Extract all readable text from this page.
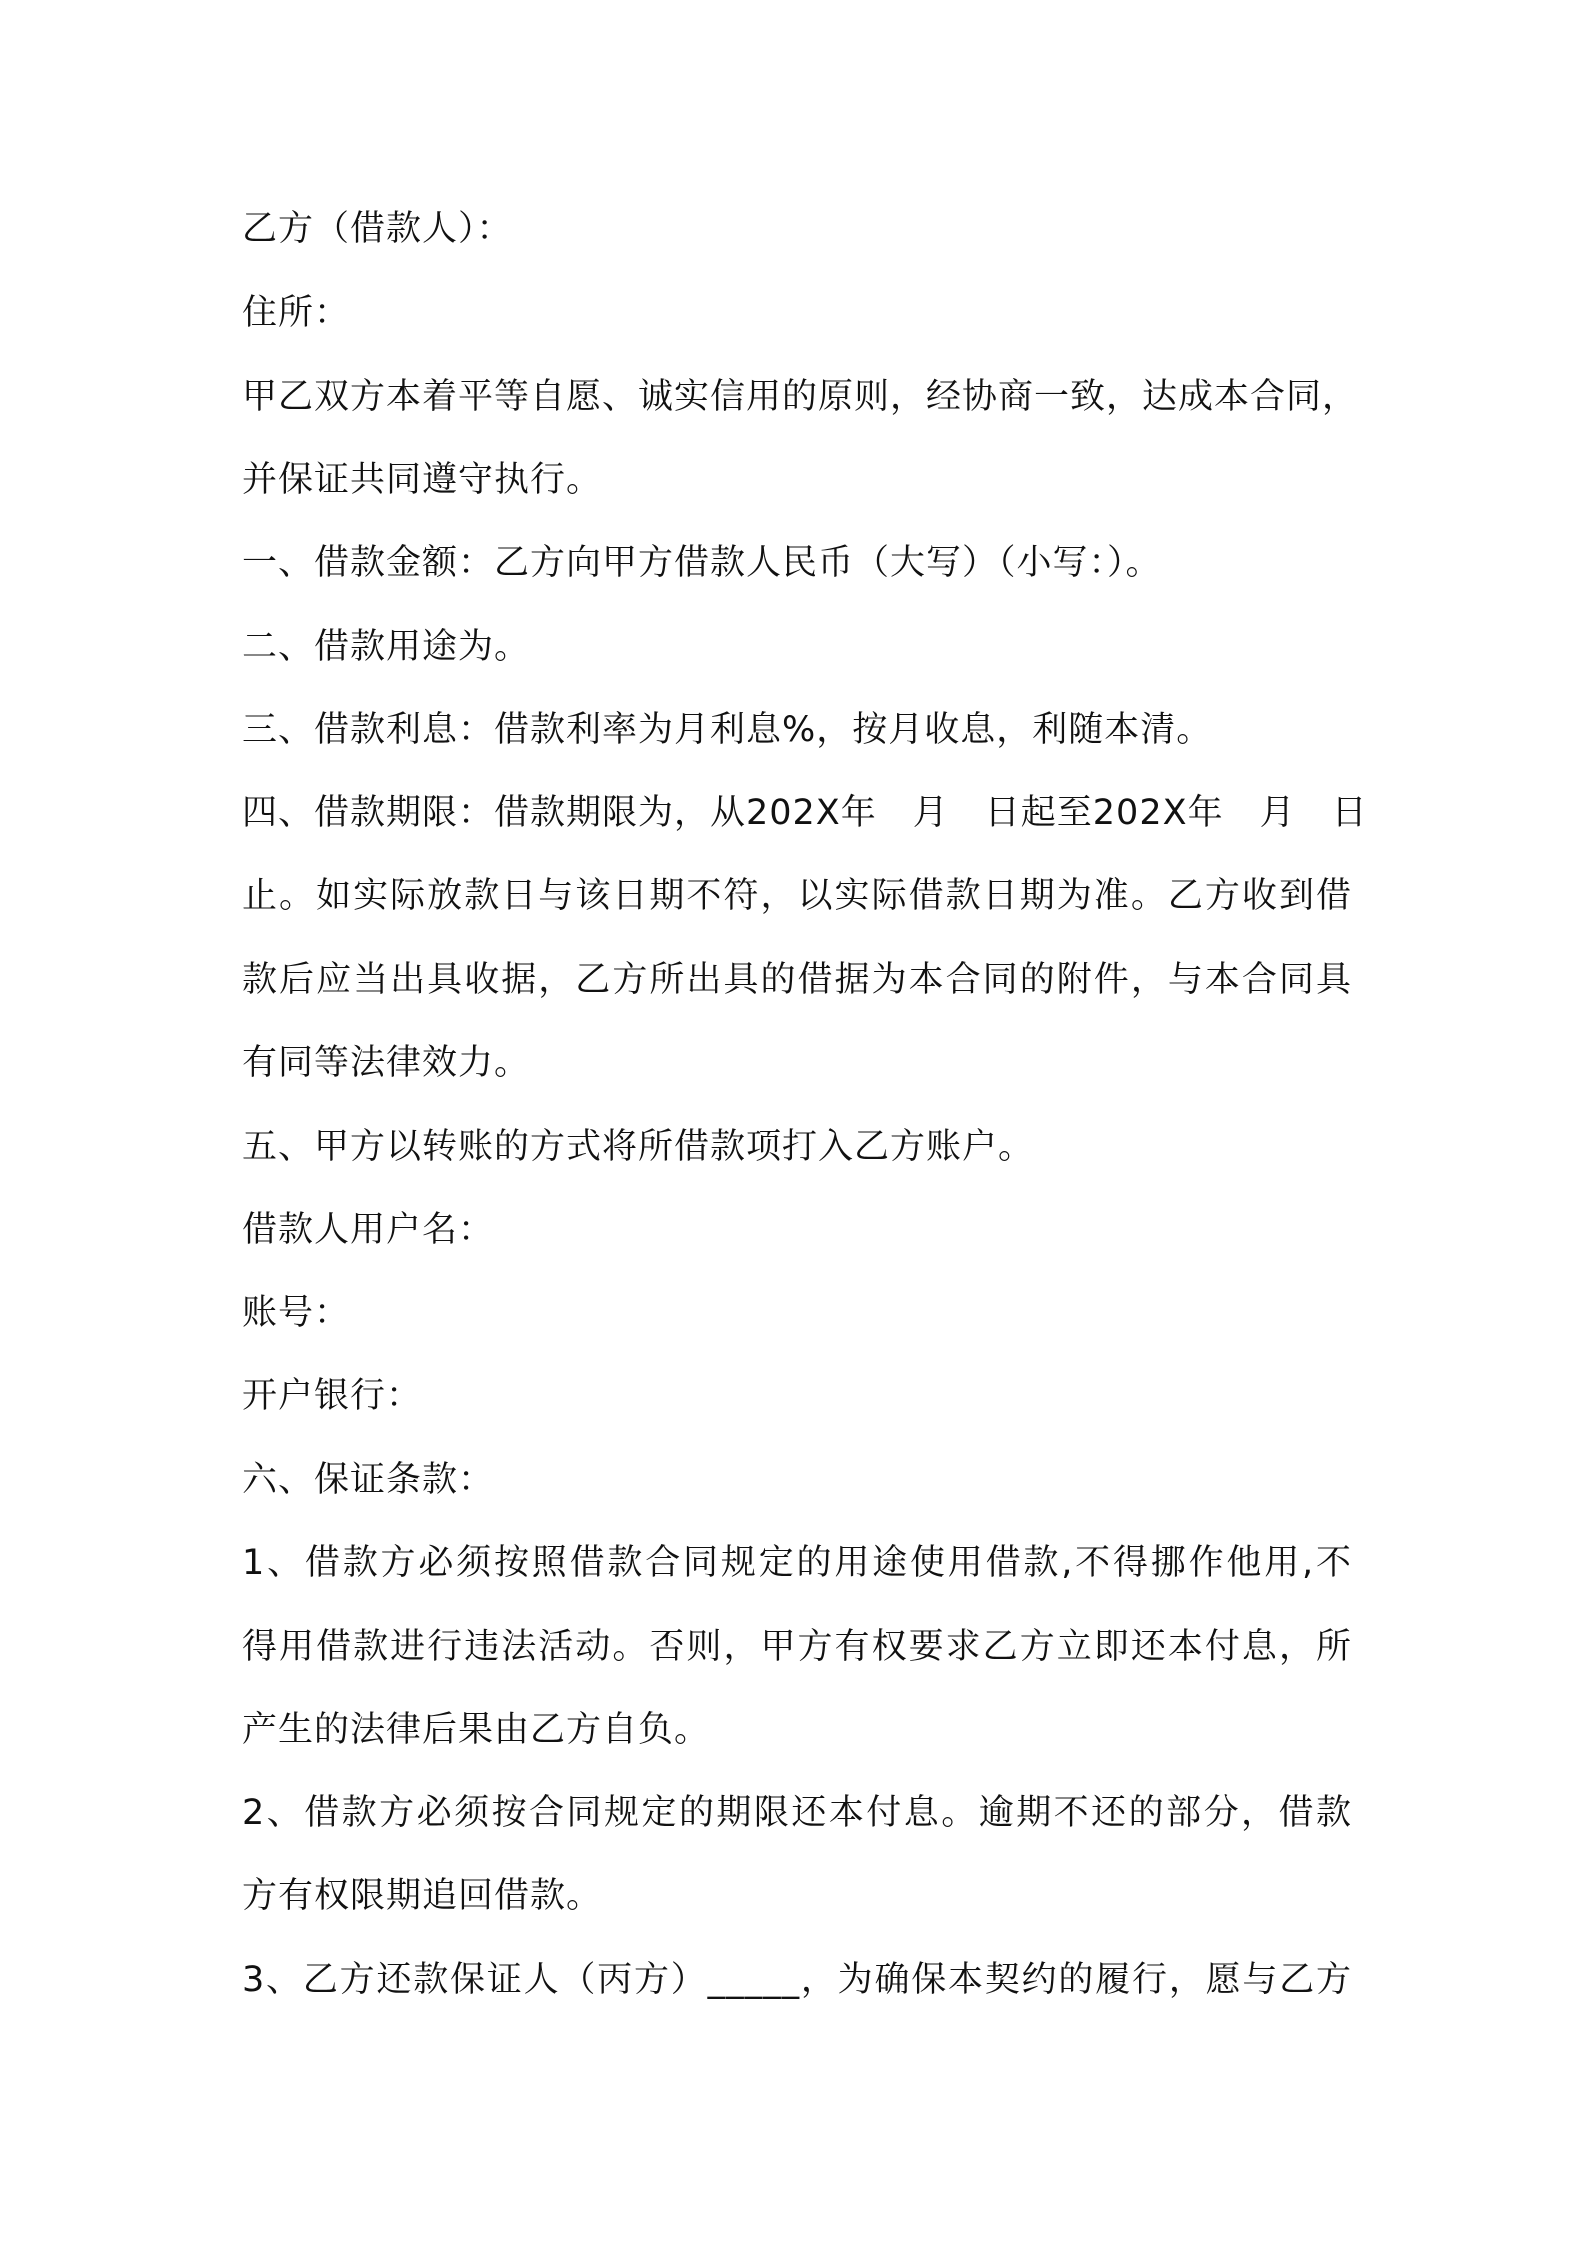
乙方（借款人）：

住所：

甲乙双方本着平等自愿、诚实信用的原则，经协商一致，达成本合同，

并保证共同遵守执行。

一、借款金额：乙方向甲方借款人民币（大写）（小写：）。

二、借款用途为。

三、借款利息：借款利率为月利息%，按月收息，利随本清。

四、借款期限：借款期限为，从202X年　月　日起至202X年　月　日

止。如实际放款日与该日期不符，以实际借款日期为准。乙方收到借

款后应当出具收据，乙方所出具的借据为本合同的附件，与本合同具

有同等法律效力。

五、甲方以转账的方式将所借款项打入乙方账户。

借款人用户名：

账号：

开户银行：

六、保证条款：

1、借款方必须按照借款合同规定的用途使用借款,不得挪作他用,不

得用借款进行违法活动。否则，甲方有权要求乙方立即还本付息，所

产生的法律后果由乙方自负。

2、借款方必须按合同规定的期限还本付息。逾期不还的部分，借款

方有权限期追回借款。

3、乙方还款保证人（丙方）_____，为确保本契约的履行，愿与乙方
